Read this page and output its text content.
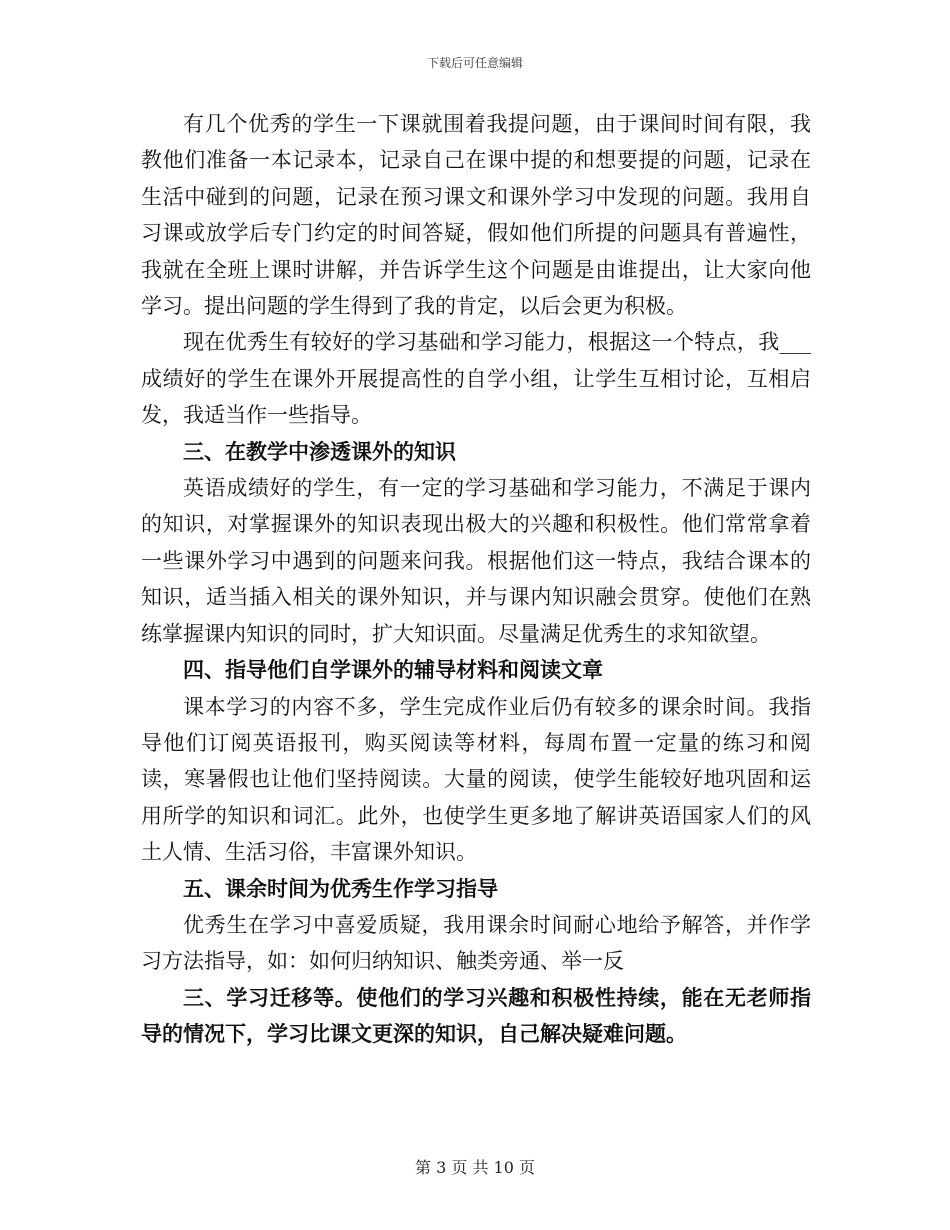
下载后可任意编辑

有几个优秀的学生一下课就围着我提问题，由于课间时间有限，我教他们准备一本记录本，记录自己在课中提的和想要提的问题，记录在生活中碰到的问题，记录在预习课文和课外学习中发现的问题。我用自习课或放学后专门约定的时间答疑，假如他们所提的问题具有普遍性，我就在全班上课时讲解，并告诉学生这个问题是由谁提出，让大家向他学习。提出问题的学生得到了我的肯定，以后会更为积极。

现在优秀生有较好的学习基础和学习能力，根据这一个特点，我___成绩好的学生在课外开展提高性的自学小组，让学生互相讨论，互相启发，我适当作一些指导。

三、在教学中渗透课外的知识

英语成绩好的学生，有一定的学习基础和学习能力，不满足于课内的知识，对掌握课外的知识表现出极大的兴趣和积极性。他们常常拿着一些课外学习中遇到的问题来问我。根据他们这一特点，我结合课本的知识，适当插入相关的课外知识，并与课内知识融会贯穿。使他们在熟练掌握课内知识的同时，扩大知识面。尽量满足优秀生的求知欲望。

四、指导他们自学课外的辅导材料和阅读文章

课本学习的内容不多，学生完成作业后仍有较多的课余时间。我指导他们订阅英语报刊，购买阅读等材料，每周布置一定量的练习和阅读，寒暑假也让他们坚持阅读。大量的阅读，使学生能较好地巩固和运用所学的知识和词汇。此外，也使学生更多地了解讲英语国家人们的风土人情、生活习俗，丰富课外知识。

五、课余时间为优秀生作学习指导

优秀生在学习中喜爱质疑，我用课余时间耐心地给予解答，并作学习方法指导，如：如何归纳知识、触类旁通、举一反

三、学习迁移等。使他们的学习兴趣和积极性持续，能在无老师指导的情况下，学习比课文更深的知识，自己解决疑难问题。

第 3 页 共 10 页
